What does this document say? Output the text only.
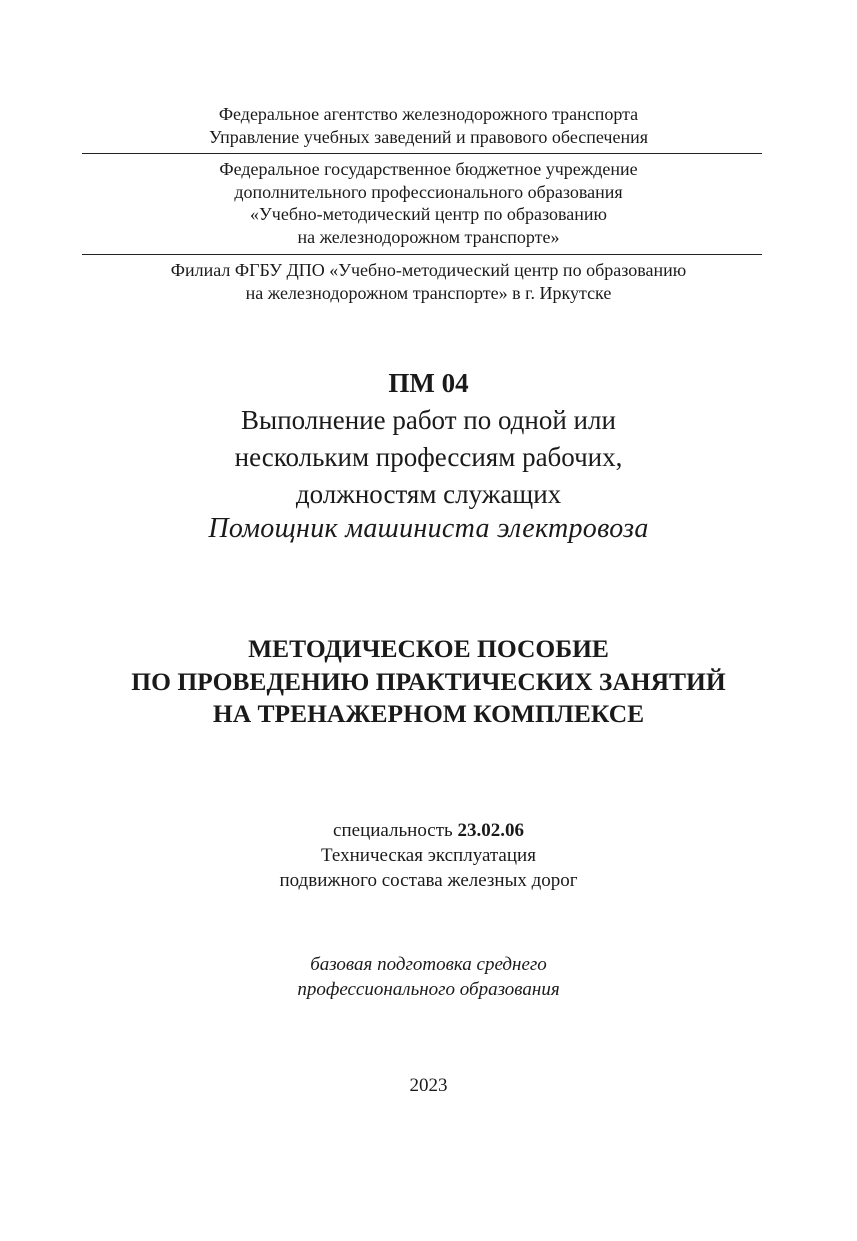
Федеральное агентство железнодорожного транспорта
Управление учебных заведений и правового обеспечения
Федеральное государственное бюджетное учреждение
дополнительного профессионального образования
«Учебно-методический центр по образованию
на железнодорожном транспорте»
Филиал ФГБУ ДПО «Учебно-методический центр по образованию
на железнодорожном транспорте» в г. Иркутске
ПМ 04
Выполнение работ по одной или
нескольким профессиям рабочих,
должностям служащих
Помощник машиниста электровоза
МЕТОДИЧЕСКОЕ ПОСОБИЕ
ПО ПРОВЕДЕНИЮ ПРАКТИЧЕСКИХ ЗАНЯТИЙ
НА ТРЕНАЖЕРНОМ КОМПЛЕКСЕ
специальность 23.02.06
Техническая эксплуатация
подвижного состава железных дорог
базовая подготовка среднего
профессионального образования
2023
